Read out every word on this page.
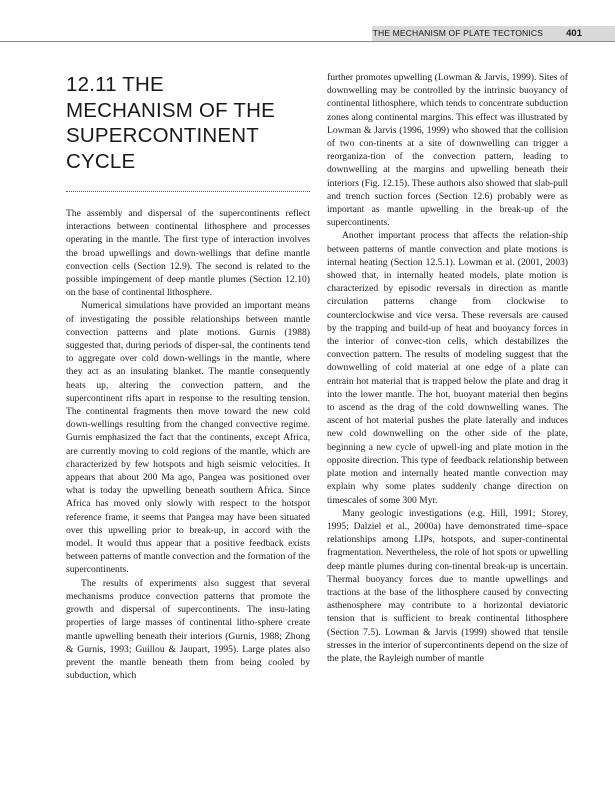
THE MECHANISM OF PLATE TECTONICS 401
12.11 THE
MECHANISM OF THE
SUPERCONTINENT
CYCLE

The assembly and dispersal of the supercontinents reflect interactions between continental lithosphere and processes operating in the mantle. The first type of interaction involves the broad upwellings and down-wellings that define mantle convection cells (Section 12.9). The second is related to the possible impingement of deep mantle plumes (Section 12.10) on the base of continental lithosphere.

Numerical simulations have provided an important means of investigating the possible relationships between mantle convection patterns and plate motions. Gurnis (1988) suggested that, during periods of disper-sal, the continents tend to aggregate over cold down-wellings in the mantle, where they act as an insulating blanket. The mantle consequently heats up, altering the convection pattern, and the supercontinent rifts apart in response to the resulting tension. The continental fragments then move toward the new cold down-wellings resulting from the changed convective regime. Gurnis emphasized the fact that the continents, except Africa, are currently moving to cold regions of the mantle, which are characterized by few hotspots and high seismic velocities. It appears that about 200 Ma ago, Pangea was positioned over what is today the upwelling beneath southern Africa. Since Africa has moved only slowly with respect to the hotspot reference frame, it seems that Pangea may have been situated over this upwelling prior to break-up, in accord with the model. It would thus appear that a positive feedback exists between patterns of mantle convection and the formation of the supercontinents.

The results of experiments also suggest that several mechanisms produce convection patterns that promote the growth and dispersal of supercontinents. The insu-lating properties of large masses of continental litho-sphere create mantle upwelling beneath their interiors (Gurnis, 1988; Zhong & Gurnis, 1993; Guillou & Jaupart, 1995). Large plates also prevent the mantle beneath them from being cooled by subduction, which

further promotes upwelling (Lowman & Jarvis, 1999). Sites of downwelling may be controlled by the intrinsic buoyancy of continental lithosphere, which tends to concentrate subduction zones along continental margins. This effect was illustrated by Lowman & Jarvis (1996, 1999) who showed that the collision of two con-tinents at a site of downwelling can trigger a reorganiza-tion of the convection pattern, leading to downwelling at the margins and upwelling beneath their interiors (Fig. 12.15). These authors also showed that slab-pull and trench suction forces (Section 12.6) probably were as important as mantle upwelling in the break-up of the supercontinents.

Another important process that affects the relation-ship between patterns of mantle convection and plate motions is internal heating (Section 12.5.1). Lowman et al. (2001, 2003) showed that, in internally heated models, plate motion is characterized by episodic reversals in direction as mantle circulation patterns change from clockwise to counterclockwise and vice versa. These reversals are caused by the trapping and build-up of heat and buoyancy forces in the interior of convec-tion cells, which destabilizes the convection pattern. The results of modeling suggest that the downwelling of cold material at one edge of a plate can entrain hot material that is trapped below the plate and drag it into the lower mantle. The hot, buoyant material then begins to ascend as the drag of the cold downwelling wanes. The ascent of hot material pushes the plate laterally and induces new cold downwelling on the other side of the plate, beginning a new cycle of upwell-ing and plate motion in the opposite direction. This type of feedback relationship between plate motion and internally heated mantle convection may explain why some plates suddenly change direction on timescales of some 300 Myr.

Many geologic investigations (e.g. Hill, 1991; Storey, 1995; Dalziel et al., 2000a) have demonstrated time–space relationships among LIPs, hotspots, and super-continental fragmentation. Nevertheless, the role of hot spots or upwelling deep mantle plumes during con-tinental break-up is uncertain. Thermal buoyancy forces due to mantle upwellings and tractions at the base of the lithosphere caused by convecting asthenosphere may contribute to a horizontal deviatoric tension that is sufficient to break continental lithosphere (Section 7.5). Lowman & Jarvis (1999) showed that tensile stresses in the interior of supercontinents depend on the size of the plate, the Rayleigh number of mantle
